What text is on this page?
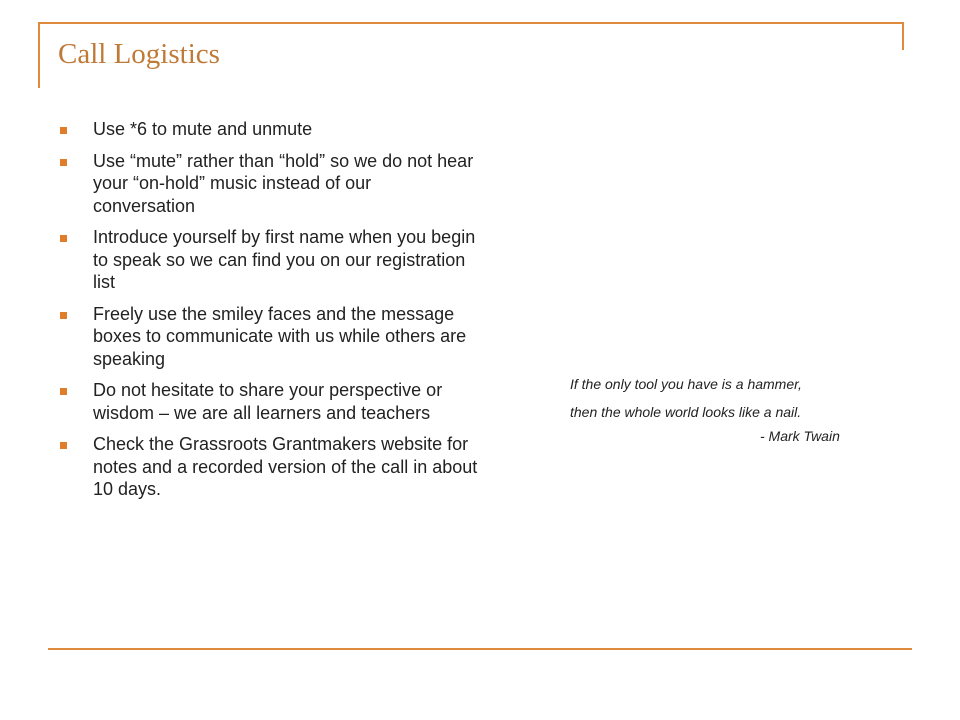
Call Logistics
Use *6 to mute and unmute
Use “mute” rather than “hold” so we do not hear your “on-hold” music instead of our conversation
Introduce yourself by first name when you begin to speak so we can find you on our registration list
Freely use the smiley faces and the message boxes to communicate with us while others are speaking
Do not hesitate to share your perspective or wisdom – we are all learners and teachers
Check the Grassroots Grantmakers website for notes and a recorded version of the call in about 10 days.
If the only tool you have is a hammer,
then the whole world looks like a nail.
- Mark Twain
